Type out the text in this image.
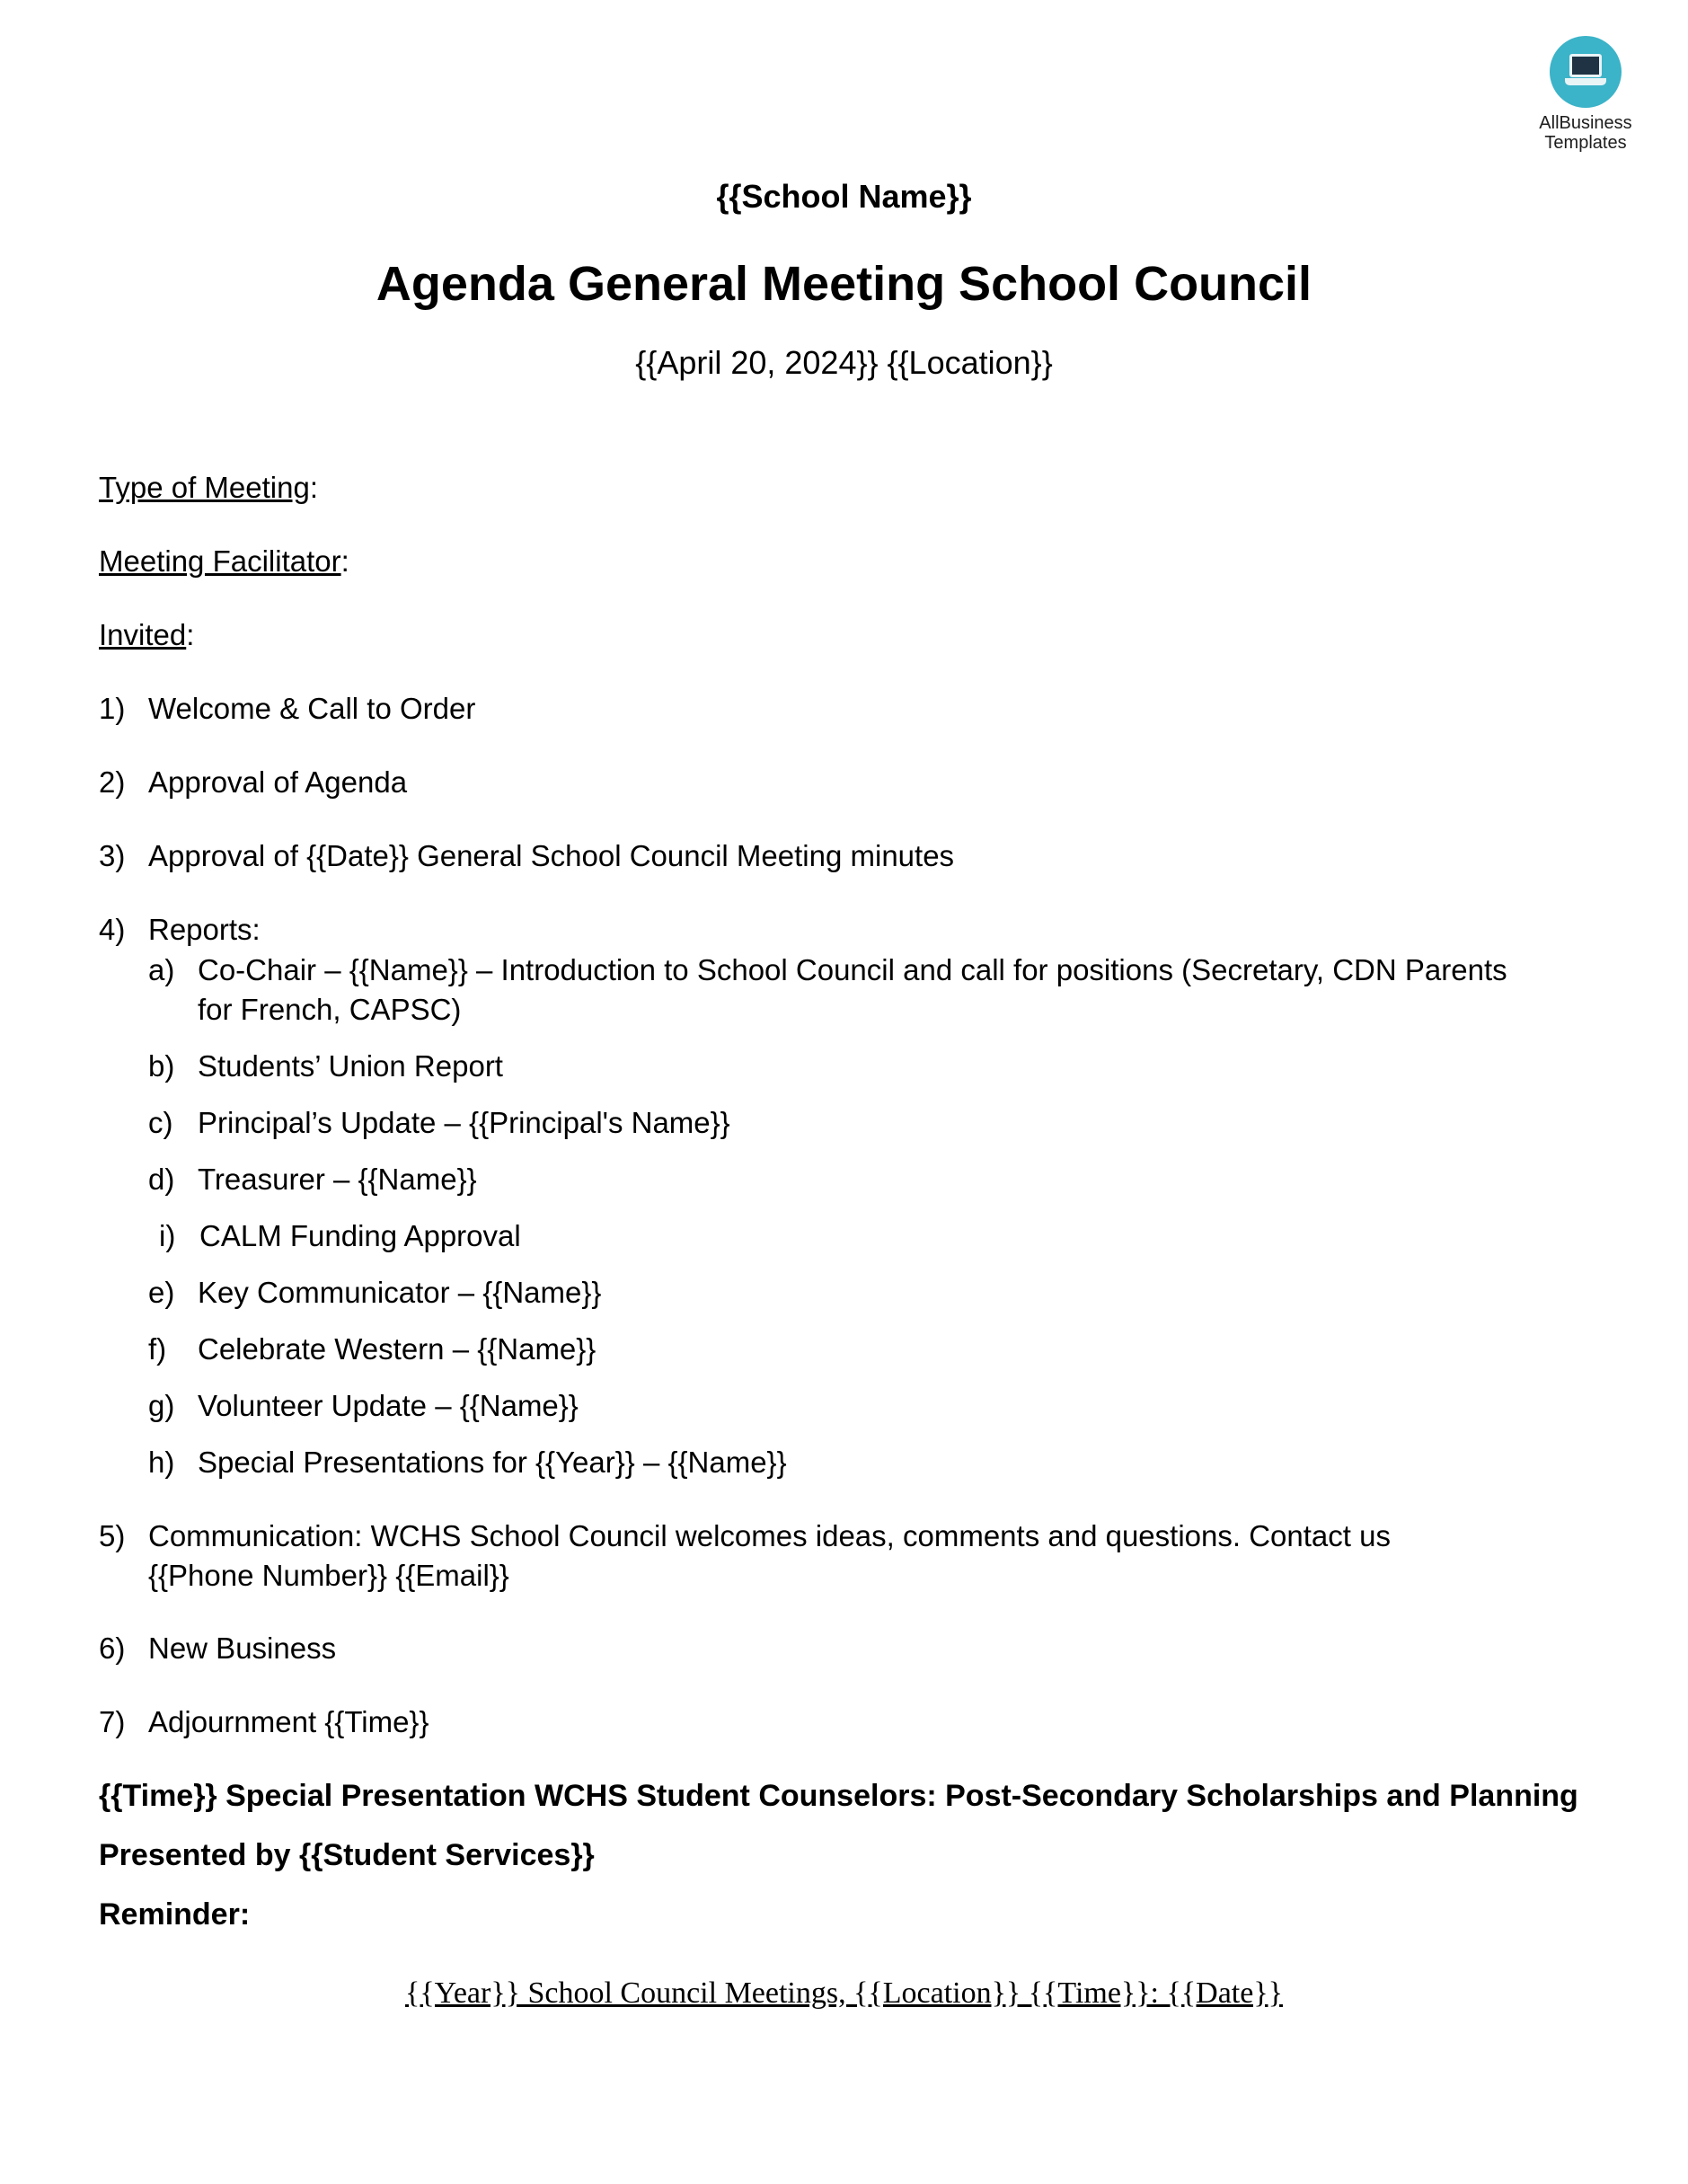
AllBusiness
Templates
{{School Name}}
Agenda General Meeting School Council
{{April 20, 2024}} {{Location}}
Type of Meeting:
Meeting Facilitator:
Invited:
1) Welcome & Call to Order
2) Approval of Agenda
3) Approval of {{Date}} General School Council Meeting minutes
4) Reports:
a) Co-Chair – {{Name}} – Introduction to School Council and call for positions (Secretary, CDN Parents
for French, CAPSC)
b) Students’ Union Report
c) Principal’s Update – {{Principal's Name}}
d) Treasurer – {{Name}}
i) CALM Funding Approval
e) Key Communicator – {{Name}}
f) Celebrate Western – {{Name}}
g) Volunteer Update – {{Name}}
h) Special Presentations for {{Year}} – {{Name}}
5) Communication: WCHS School Council welcomes ideas, comments and questions. Contact us
{{Phone Number}} {{Email}}
6) New Business
7) Adjournment {{Time}}
{{Time}} Special Presentation WCHS Student Counselors: Post-Secondary Scholarships and Planning
Presented by {{Student Services}}
Reminder:
{{Year}} School Council Meetings, {{Location}} {{Time}}: {{Date}}
